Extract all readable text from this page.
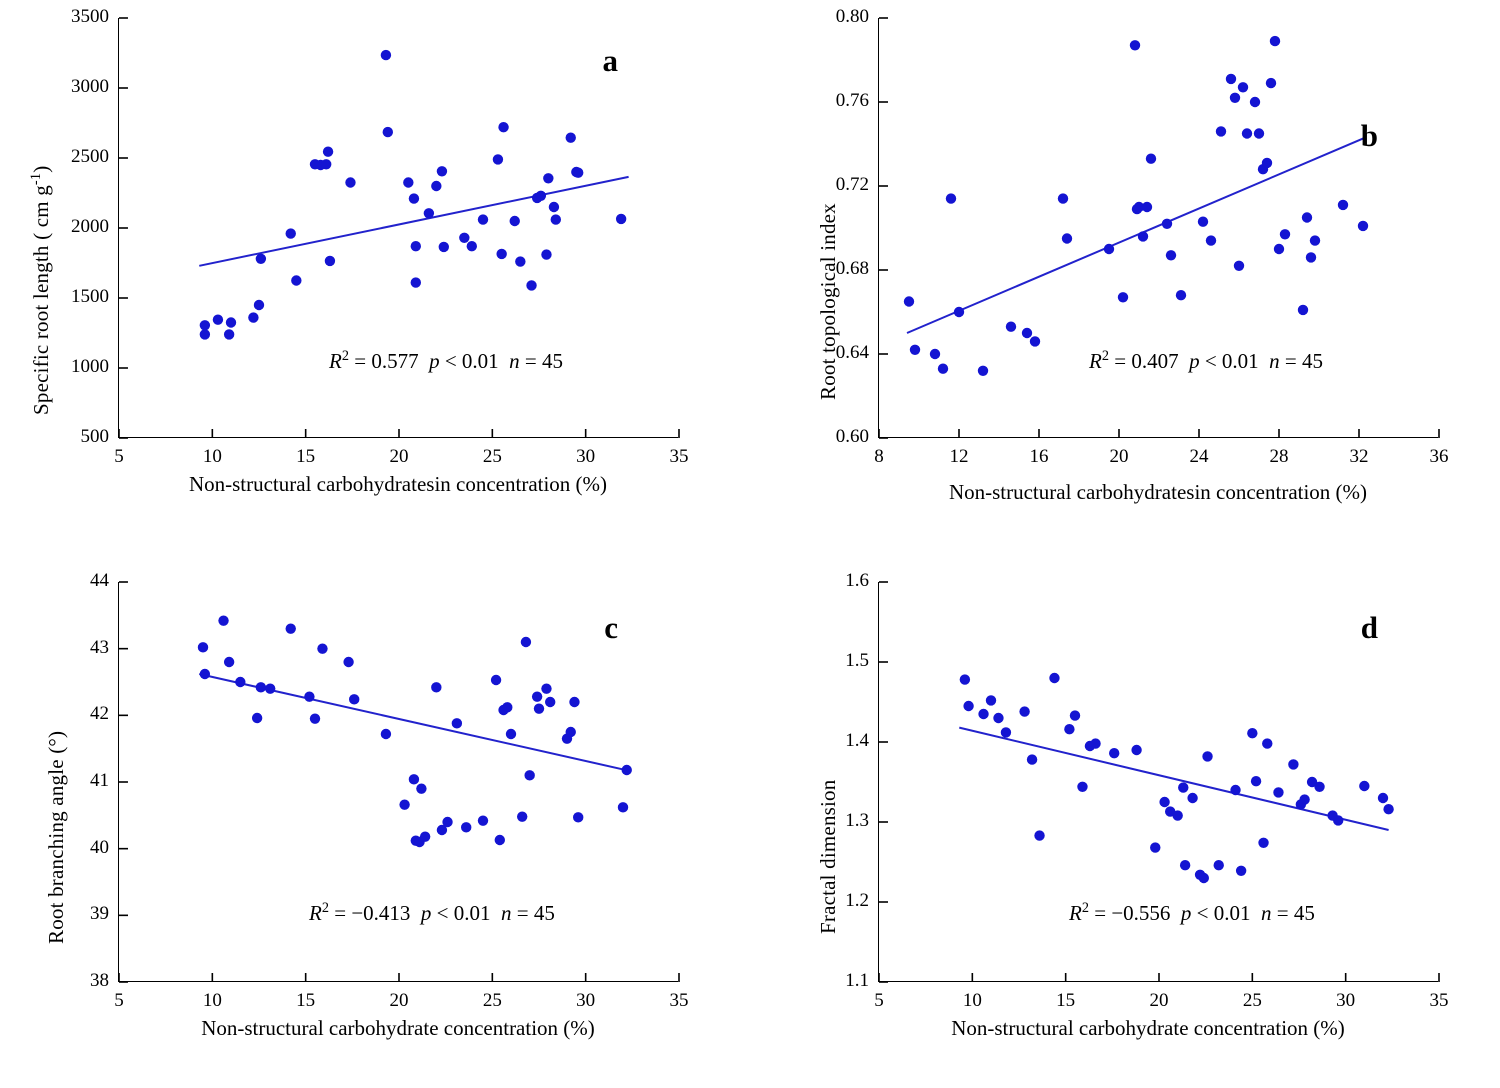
Specific root length ( cm $g^{-1}$)
a
$R^2 = 0.577$ p < 0.01 n = 45
5	10	15	20	25	30	35
500
1000
1500
2000
2500
3000
3500
Non-structural carbohydratesin concentration (%)
Root topological index
b
$R^2 = 0.407$ p < 0.01 n = 45
8	12	16	20	24	28	32	36
0.60
0.64
0.68
0.72
0.76
0.80
Non-structural carbohydratesin concentration (%)
Root branching angle (°)
c
$R^2 = -0.413$ p < 0.01 n = 45
5	10	15	20	25	30	35
38
39
40
41
42
43
44
Non-structural carbohydrate concentration (%)
Fractal dimension
d
$R^2 = -0.556$ p < 0.01 n = 45
5	10	15	20	25	30	35
1.1
1.2
1.3
1.4
1.5
1.6
Non-structural carbohydrate concentration (%)
